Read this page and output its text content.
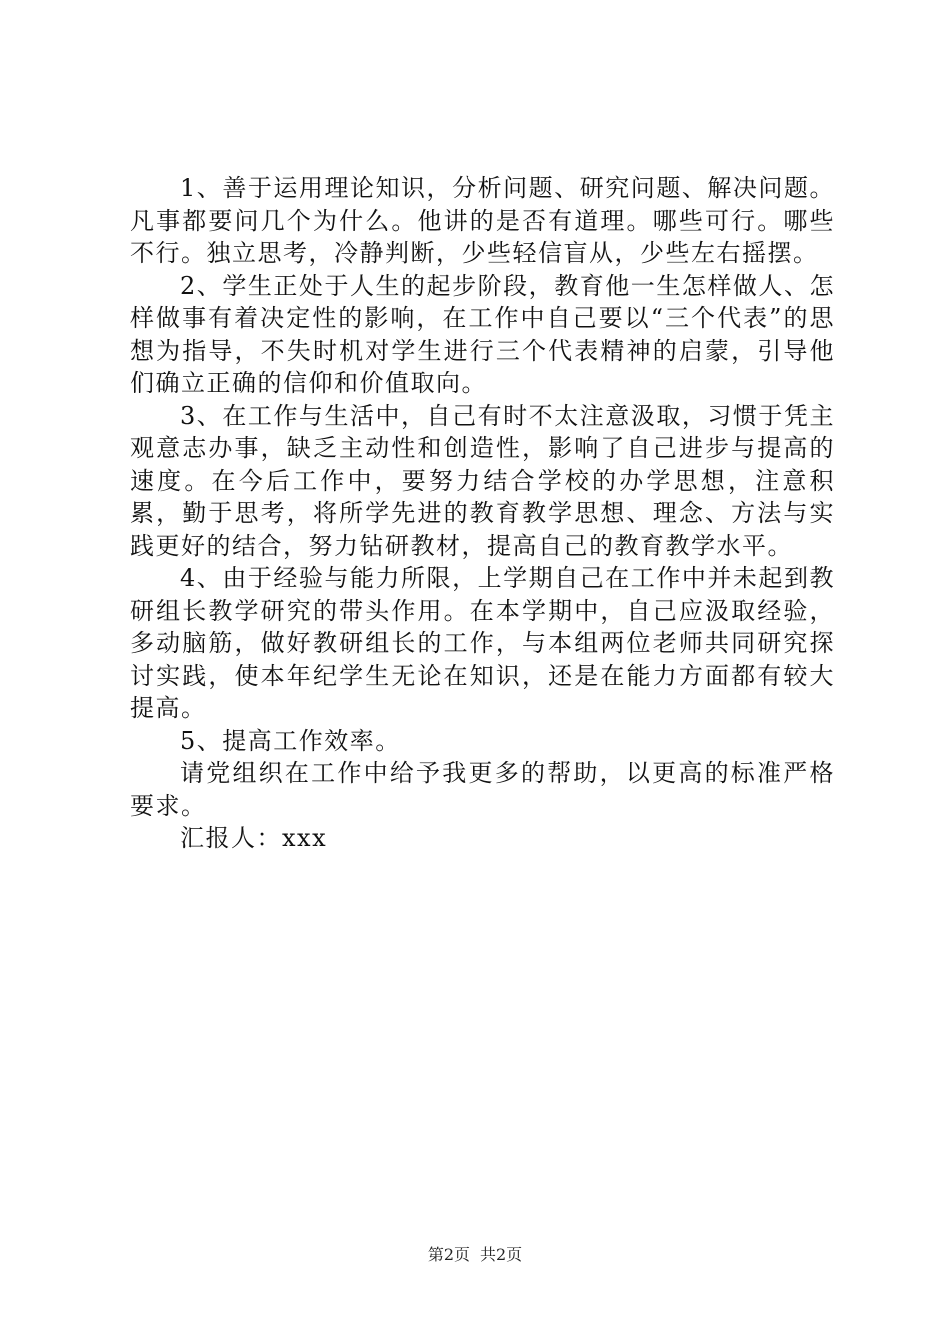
1、善于运用理论知识，分析问题、研究问题、解决问题。凡事都要问几个为什么。他讲的是否有道理。哪些可行。哪些不行。独立思考，冷静判断，少些轻信盲从，少些左右摇摆。

2、学生正处于人生的起步阶段，教育他一生怎样做人、怎样做事有着决定性的影响，在工作中自己要以“三个代表”的思想为指导，不失时机对学生进行三个代表精神的启蒙，引导他们确立正确的信仰和价值取向。

3、在工作与生活中，自己有时不太注意汲取，习惯于凭主观意志办事，缺乏主动性和创造性，影响了自己进步与提高的速度。在今后工作中，要努力结合学校的办学思想，注意积累，勤于思考，将所学先进的教育教学思想、理念、方法与实践更好的结合，努力钻研教材，提高自己的教育教学水平。

4、由于经验与能力所限，上学期自己在工作中并未起到教研组长教学研究的带头作用。在本学期中，自己应汲取经验，多动脑筋，做好教研组长的工作，与本组两位老师共同研究探讨实践，使本年纪学生无论在知识，还是在能力方面都有较大提高。

5、提高工作效率。

请党组织在工作中给予我更多的帮助，以更高的标准严格要求。

汇报人：xxx

第2页 共2页
